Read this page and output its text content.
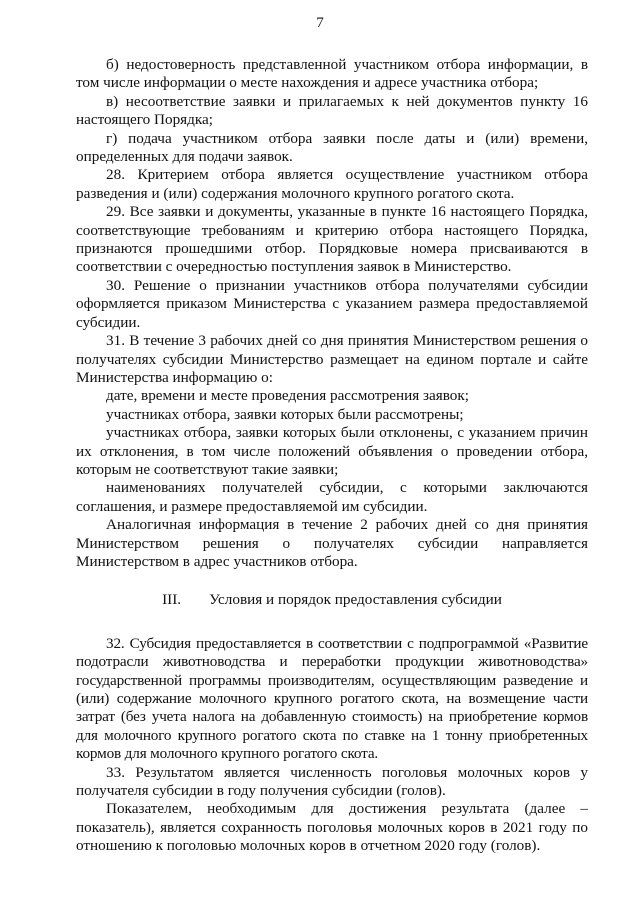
7

б) недостоверность представленной участником отбора информации, в том числе информации о месте нахождения и адресе участника отбора;

в) несоответствие заявки и прилагаемых к ней документов пункту 16 настоящего Порядка;

г) подача участником отбора заявки после даты и (или) времени, определенных для подачи заявок.

28. Критерием отбора является осуществление участником отбора разведения и (или) содержания молочного крупного рогатого скота.

29. Все заявки и документы, указанные в пункте 16 настоящего Порядка, соответствующие требованиям и критерию отбора настоящего Порядка, признаются прошедшими отбор. Порядковые номера присваиваются в соответствии с очередностью поступления заявок в Министерство.

30. Решение о признании участников отбора получателями субсидии оформляется приказом Министерства с указанием размера предоставляемой субсидии.

31. В течение 3 рабочих дней со дня принятия Министерством решения о получателях субсидии Министерство размещает на едином портале и сайте Министерства информацию о:

дате, времени и месте проведения рассмотрения заявок;

участниках отбора, заявки которых были рассмотрены;

участниках отбора, заявки которых были отклонены, с указанием причин их отклонения, в том числе положений объявления о проведении отбора, которым не соответствуют такие заявки;

наименованиях получателей субсидии, с которыми заключаются соглашения, и размере предоставляемой им субсидии.

Аналогичная информация в течение 2 рабочих дней со дня принятия Министерством решения о получателях субсидии направляется Министерством в адрес участников отбора.

III. Условия и порядок предоставления субсидии

32. Субсидия предоставляется в соответствии с подпрограммой «Развитие подотрасли животноводства и переработки продукции животноводства» государственной программы производителям, осуществляющим разведение и (или) содержание молочного крупного рогатого скота, на возмещение части затрат (без учета налога на добавленную стоимость) на приобретение кормов для молочного крупного рогатого скота по ставке на 1 тонну приобретенных кормов для молочного крупного рогатого скота.

33. Результатом является численность поголовья молочных коров у получателя субсидии в году получения субсидии (голов).

Показателем, необходимым для достижения результата (далее – показатель), является сохранность поголовья молочных коров в 2021 году по отношению к поголовью молочных коров в отчетном 2020 году (голов).
